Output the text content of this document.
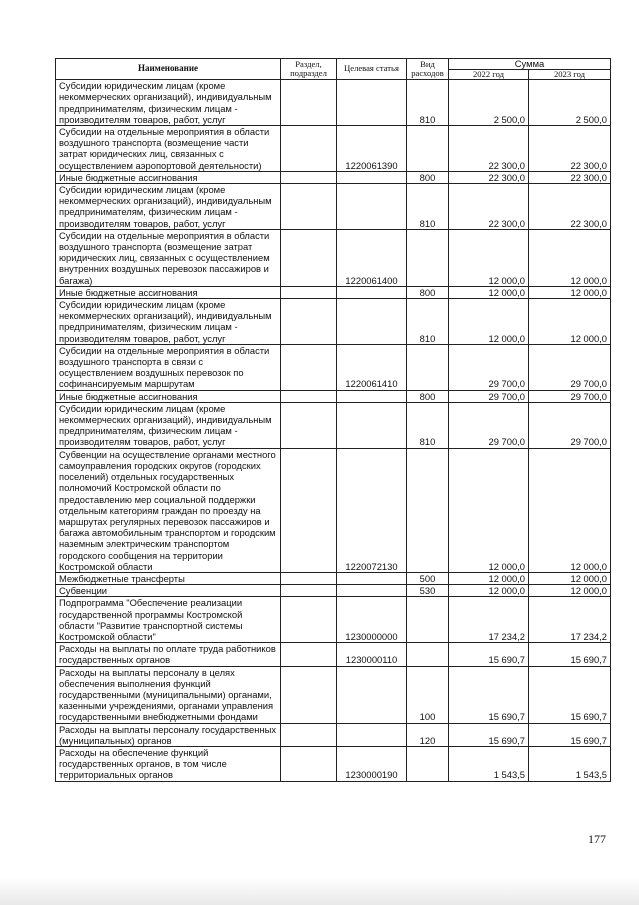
Наименование	Раздел, подраздел	Целевая статья	Вид расходов	Сумма	
				2022 год	2023 год
Субсидии юридическим лицам (кроме некоммерческих организаций), индивидуальным предпринимателям, физическим лицам - производителям товаров, работ, услуг			810	2 500,0	2 500,0
Субсидии на отдельные мероприятия в области воздушного транспорта (возмещение части затрат юридических лиц, связанных с осуществлением аэропортовой деятельности)		1220061390		22 300,0	22 300,0
Иные бюджетные ассигнования			800	22 300,0	22 300,0
Субсидии юридическим лицам (кроме некоммерческих организаций), индивидуальным предпринимателям, физическим лицам - производителям товаров, работ, услуг			810	22 300,0	22 300,0
Субсидии на отдельные мероприятия в области воздушного транспорта (возмещение затрат юридических лиц, связанных с осуществлением внутренних воздушных перевозок пассажиров и багажа)		1220061400		12 000,0	12 000,0
Иные бюджетные ассигнования			800	12 000,0	12 000,0
Субсидии юридическим лицам (кроме некоммерческих организаций), индивидуальным предпринимателям, физическим лицам - производителям товаров, работ, услуг			810	12 000,0	12 000,0
Субсидии на отдельные мероприятия в области воздушного транспорта в связи с осуществлением воздушных перевозок по софинансируемым маршрутам		1220061410		29 700,0	29 700,0
Иные бюджетные ассигнования			800	29 700,0	29 700,0
Субсидии юридическим лицам (кроме некоммерческих организаций), индивидуальным предпринимателям, физическим лицам - производителям товаров, работ, услуг			810	29 700,0	29 700,0
Субвенции на осуществление органами местного самоуправления городских округов (городских поселений) отдельных государственных полномочий Костромской области по предоставлению мер социальной поддержки отдельным категориям граждан по проезду на маршрутах регулярных перевозок пассажиров и багажа автомобильным транспортом и городским наземным электрическим транспортом городского сообщения на территории Костромской области		1220072130		12 000,0	12 000,0
Межбюджетные трансферты			500	12 000,0	12 000,0
Субвенции			530	12 000,0	12 000,0
Подпрограмма "Обеспечение реализации государственной программы Костромской области "Развитие транспортной системы Костромской области"		1230000000		17 234,2	17 234,2
Расходы на выплаты по оплате труда работников государственных органов		1230000110		15 690,7	15 690,7
Расходы на выплаты персоналу в целях обеспечения выполнения функций государственными (муниципальными) органами, казенными учреждениями, органами управления государственными внебюджетными фондами			100	15 690,7	15 690,7
Расходы на выплаты персоналу государственных (муниципальных) органов			120	15 690,7	15 690,7
Расходы на обеспечение функций государственных органов, в том числе территориальных органов		1230000190		1 543,5	1 543,5
177
